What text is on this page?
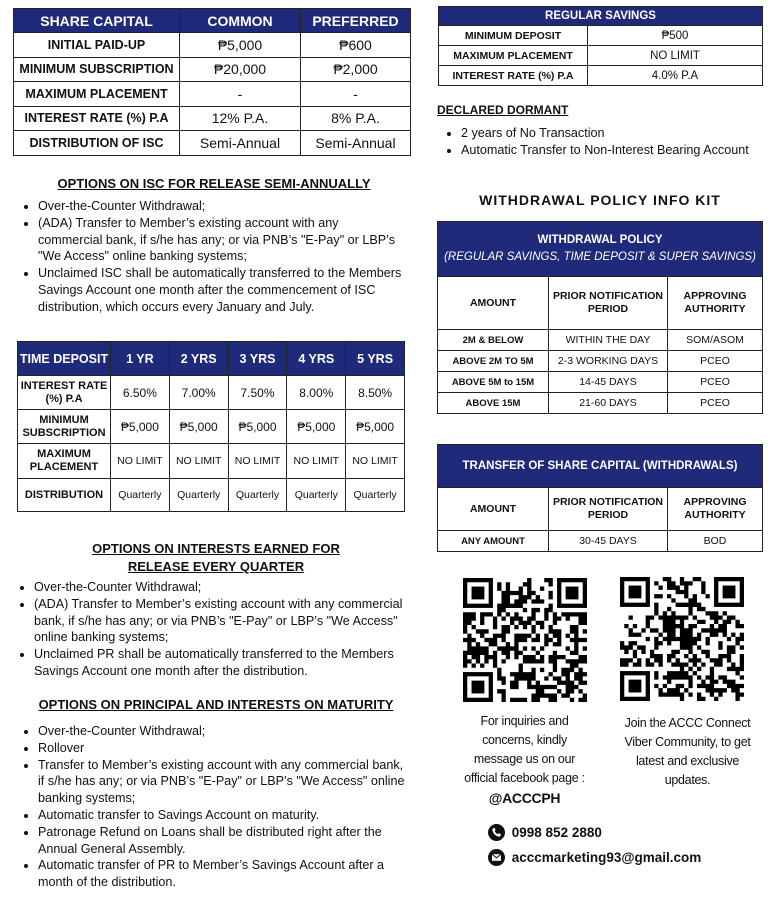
SHARE CAPITAL	COMMON	PREFERRED
INITIAL PAID-UP	₱5,000	₱600
MINIMUM SUBSCRIPTION	₱20,000	₱2,000
MAXIMUM PLACEMENT	-	-
INTEREST RATE (%) P.A	12% P.A.	8% P.A.
DISTRIBUTION OF ISC	Semi-Annual	Semi-Annual
OPTIONS ON ISC FOR RELEASE SEMI-ANNUALLY
• Over-the-Counter Withdrawal;
• (ADA) Transfer to Member’s existing account with any commercial bank, if s/he has any; or via PNB’s "E-Pay" or LBP’s "We Access" online banking systems;
• Unclaimed ISC shall be automatically transferred to the Members Savings Account one month after the commencement of ISC distribution, which occurs every January and July.
TIME DEPOSIT	1 YR	2 YRS	3 YRS	4 YRS	5 YRS
INTEREST RATE (%) P.A	6.50%	7.00%	7.50%	8.00%	8.50%
MINIMUM SUBSCRIPTION	₱5,000	₱5,000	₱5,000	₱5,000	₱5,000
MAXIMUM PLACEMENT	NO LIMIT	NO LIMIT	NO LIMIT	NO LIMIT	NO LIMIT
DISTRIBUTION	Quarterly	Quarterly	Quarterly	Quarterly	Quarterly
OPTIONS ON INTERESTS EARNED FOR
RELEASE EVERY QUARTER
• Over-the-Counter Withdrawal;
• (ADA) Transfer to Member’s existing account with any commercial bank, if s/he has any; or via PNB’s "E-Pay" or LBP’s "We Access" online banking systems;
• Unclaimed PR shall be automatically transferred to the Members Savings Account one month after the distribution.
OPTIONS ON PRINCIPAL AND INTERESTS ON MATURITY
• Over-the-Counter Withdrawal;
• Rollover
• Transfer to Member’s existing account with any commercial bank, if s/he has any; or via PNB’s "E-Pay" or LBP’s "We Access" online banking systems;
• Automatic transfer to Savings Account on maturity.
• Patronage Refund on Loans shall be distributed right after the Annual General Assembly.
• Automatic transfer of PR to Member’s Savings Account after a month of the distribution.
REGULAR SAVINGS	
MINIMUM DEPOSIT	₱500
MAXIMUM PLACEMENT	NO LIMIT
INTEREST RATE (%) P.A	4.0% P.A
DECLARED DORMANT
• 2 years of No Transaction
• Automatic Transfer to Non-Interest Bearing Account
WITHDRAWAL POLICY INFO KIT
WITHDRAWAL POLICY
(REGULAR SAVINGS, TIME DEPOSIT & SUPER SAVINGS)		

AMOUNT	PRIOR NOTIFICATION PERIOD	APPROVING AUTHORITY
2M & BELOW	WITHIN THE DAY	SOM/ASOM
ABOVE 2M TO 5M	2-3 WORKING DAYS	PCEO
ABOVE 5M to 15M	14-45 DAYS	PCEO
ABOVE 15M	21-60 DAYS	PCEO
TRANSFER OF SHARE CAPITAL (WITHDRAWALS)		
AMOUNT	PRIOR NOTIFICATION PERIOD	APPROVING AUTHORITY
ANY AMOUNT	30-45 DAYS	BOD
For inquiries and
concerns, kindly
message us on our
official facebook page :
@ACCCPH
Join the ACCC Connect
Viber Community, to get
latest and exclusive
updates.
0998 852 2880
acccmarketing93@gmail.com
